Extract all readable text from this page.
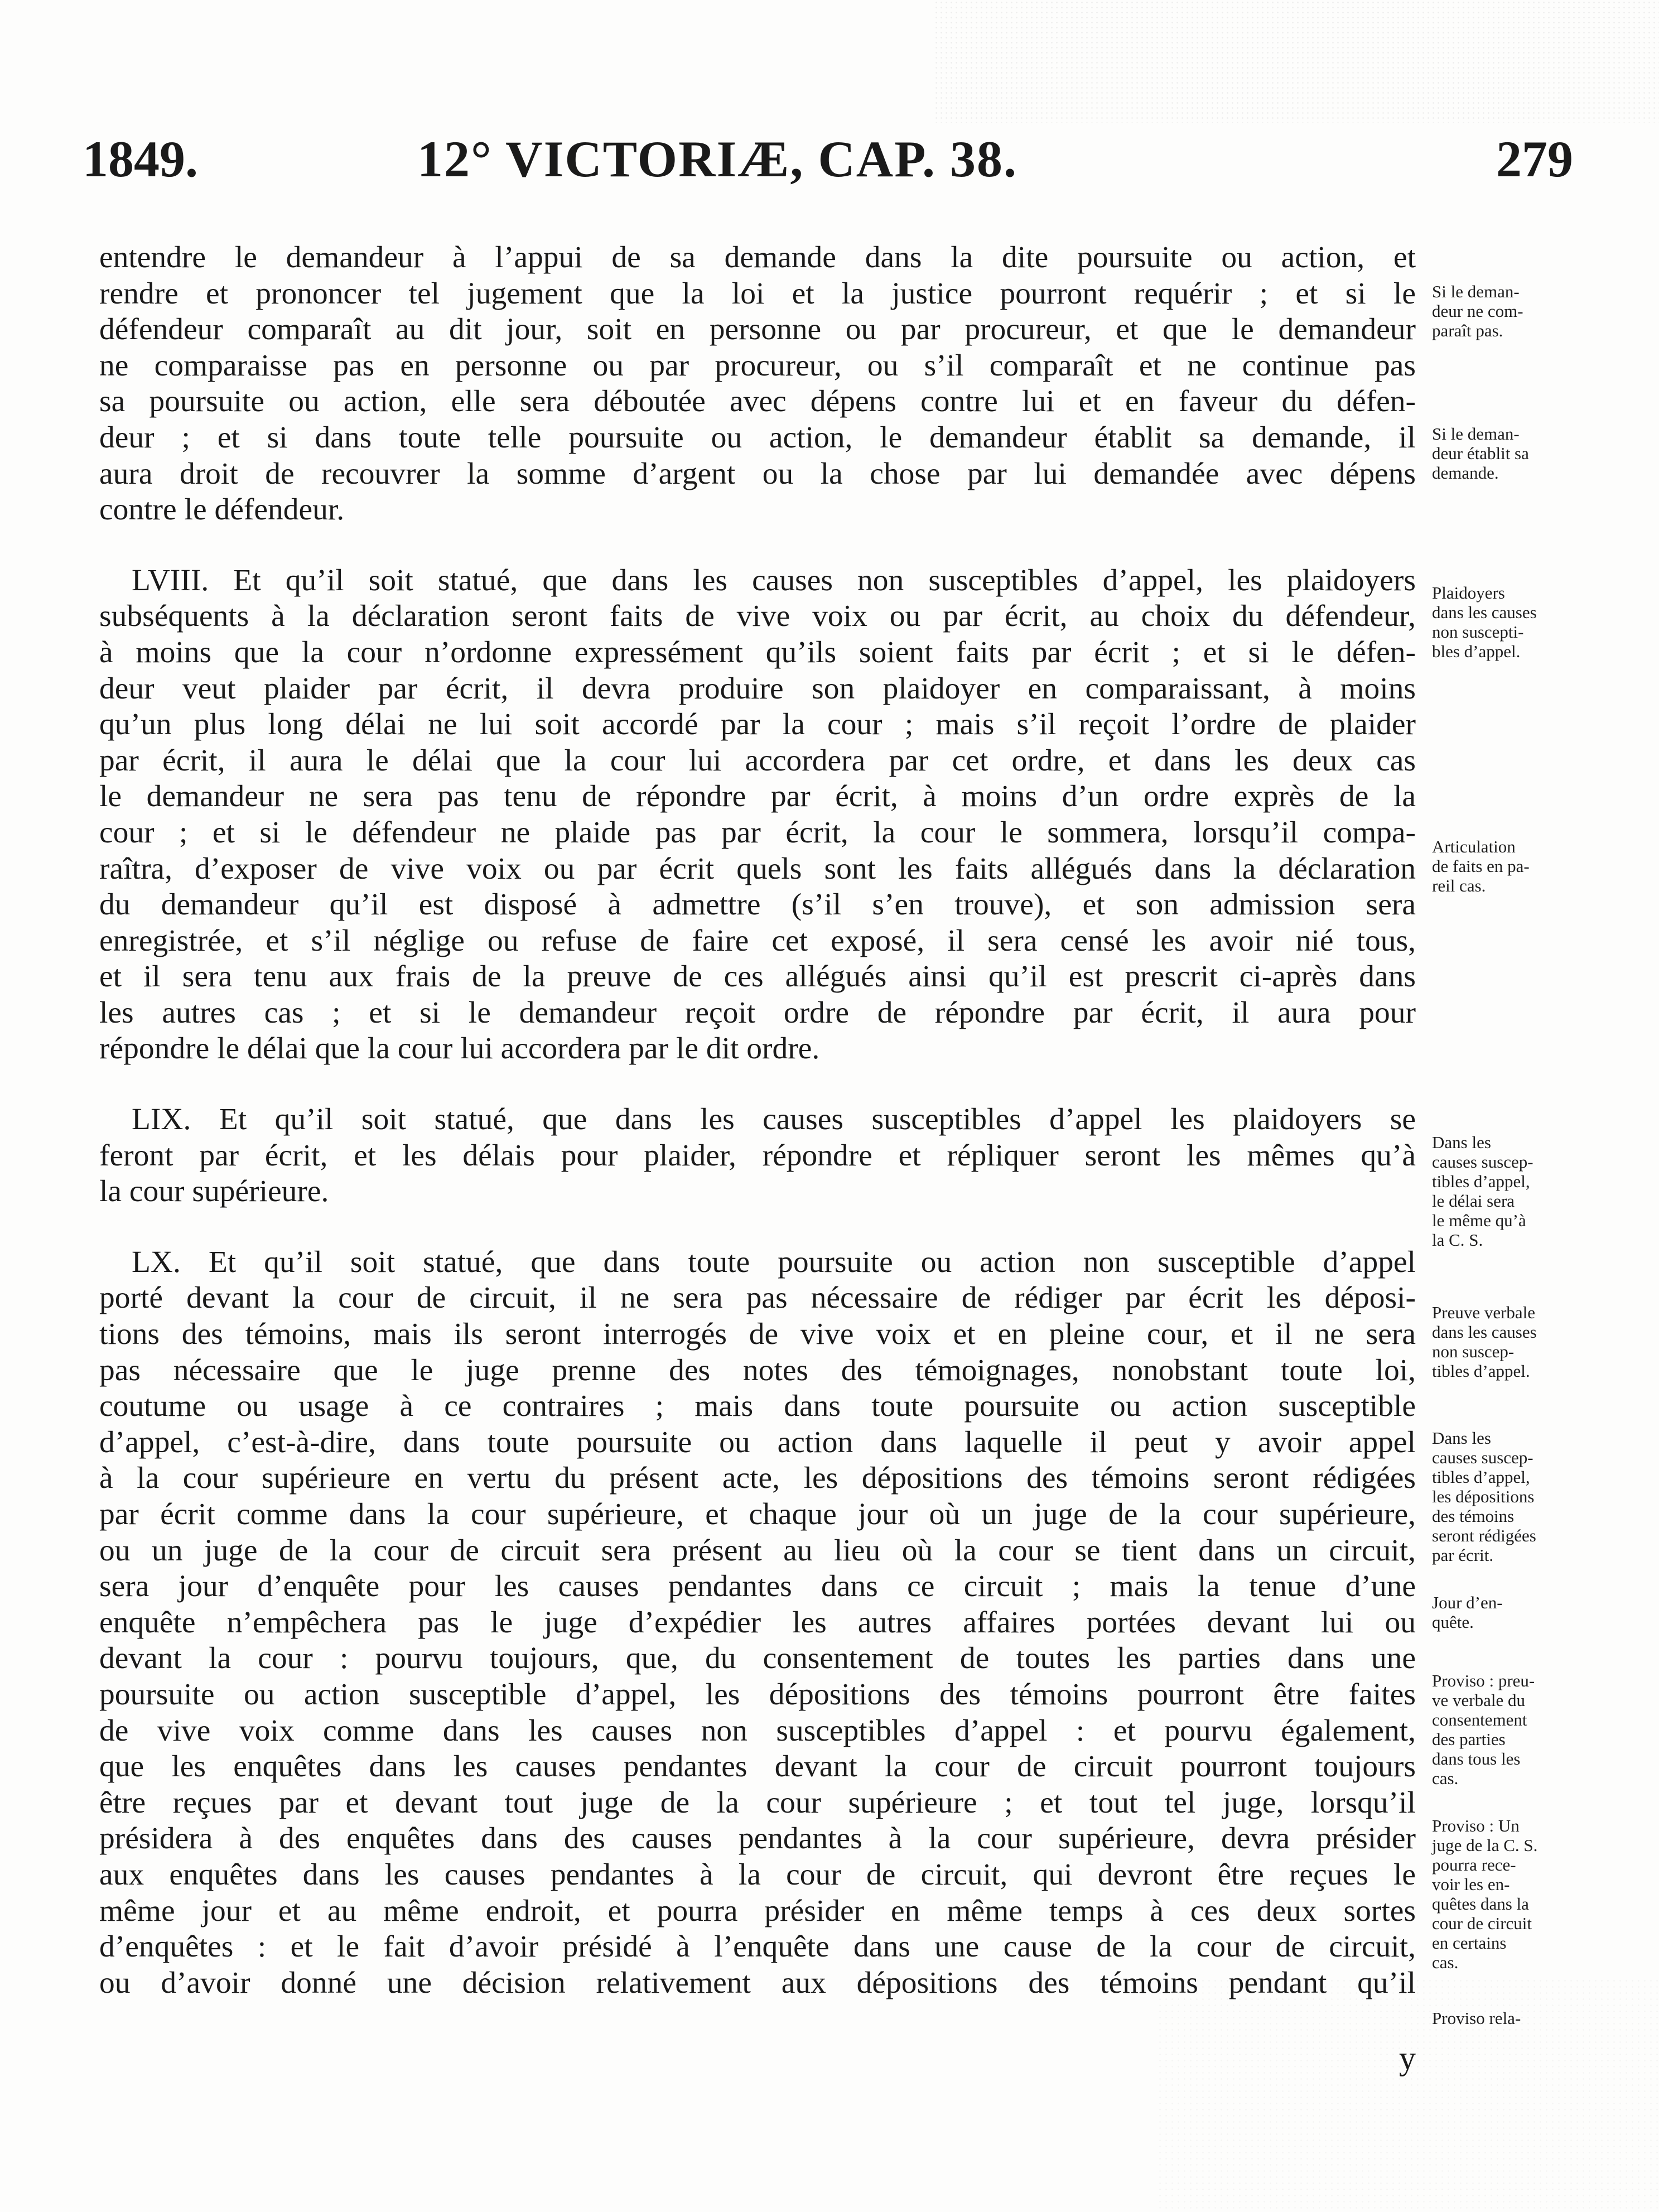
1849.	12° VICTORIÆ, CAP. 38.	279
entendre le demandeur à l’appui de sa demande dans la dite poursuite ou action, et
rendre et prononcer tel jugement que la loi et la justice pourront requérir ; et si le
défendeur comparaît au dit jour, soit en personne ou par procureur, et que le demandeur
ne comparaisse pas en personne ou par procureur, ou s’il comparaît et ne continue pas
sa poursuite ou action, elle sera déboutée avec dépens contre lui et en faveur du défen-
deur ; et si dans toute telle poursuite ou action, le demandeur établit sa demande, il
aura droit de recouvrer la somme d’argent ou la chose par lui demandée avec dépens
contre le défendeur.
LVIII. Et qu’il soit statué, que dans les causes non susceptibles d’appel, les plaidoyers
subséquents à la déclaration seront faits de vive voix ou par écrit, au choix du défendeur,
à moins que la cour n’ordonne expressément qu’ils soient faits par écrit ; et si le défen-
deur veut plaider par écrit, il devra produire son plaidoyer en comparaissant, à moins
qu’un plus long délai ne lui soit accordé par la cour ; mais s’il reçoit l’ordre de plaider
par écrit, il aura le délai que la cour lui accordera par cet ordre, et dans les deux cas
le demandeur ne sera pas tenu de répondre par écrit, à moins d’un ordre exprès de la
cour ; et si le défendeur ne plaide pas par écrit, la cour le sommera, lorsqu’il compa-
raîtra, d’exposer de vive voix ou par écrit quels sont les faits allégués dans la déclaration
du demandeur qu’il est disposé à admettre (s’il s’en trouve), et son admission sera
enregistrée, et s’il néglige ou refuse de faire cet exposé, il sera censé les avoir nié tous,
et il sera tenu aux frais de la preuve de ces allégués ainsi qu’il est prescrit ci-après dans
les autres cas ; et si le demandeur reçoit ordre de répondre par écrit, il aura pour
répondre le délai que la cour lui accordera par le dit ordre.
LIX. Et qu’il soit statué, que dans les causes susceptibles d’appel les plaidoyers se
feront par écrit, et les délais pour plaider, répondre et répliquer seront les mêmes qu’à
la cour supérieure.
LX. Et qu’il soit statué, que dans toute poursuite ou action non susceptible d’appel
porté devant la cour de circuit, il ne sera pas nécessaire de rédiger par écrit les déposi-
tions des témoins, mais ils seront interrogés de vive voix et en pleine cour, et il ne sera
pas nécessaire que le juge prenne des notes des témoignages, nonobstant toute loi,
coutume ou usage à ce contraires ; mais dans toute poursuite ou action susceptible
d’appel, c’est-à-dire, dans toute poursuite ou action dans laquelle il peut y avoir appel
à la cour supérieure en vertu du présent acte, les dépositions des témoins seront rédigées
par écrit comme dans la cour supérieure, et chaque jour où un juge de la cour supérieure,
ou un juge de la cour de circuit sera présent au lieu où la cour se tient dans un circuit,
sera jour d’enquête pour les causes pendantes dans ce circuit ; mais la tenue d’une
enquête n’empêchera pas le juge d’expédier les autres affaires portées devant lui ou
devant la cour : pourvu toujours, que, du consentement de toutes les parties dans une
poursuite ou action susceptible d’appel, les dépositions des témoins pourront être faites
de vive voix comme dans les causes non susceptibles d’appel : et pourvu également,
que les enquêtes dans les causes pendantes devant la cour de circuit pourront toujours
être reçues par et devant tout juge de la cour supérieure ; et tout tel juge, lorsqu’il
présidera à des enquêtes dans des causes pendantes à la cour supérieure, devra présider
aux enquêtes dans les causes pendantes à la cour de circuit, qui devront être reçues le
même jour et au même endroit, et pourra présider en même temps à ces deux sortes
d’enquêtes : et le fait d’avoir présidé à l’enquête dans une cause de la cour de circuit,
ou d’avoir donné une décision relativement aux dépositions des témoins pendant qu’il
Si le deman-
deur ne com-
paraît pas.
Si le deman-
deur établit sa
demande.
Plaidoyers
dans les causes
non suscepti-
bles d’appel.
Articulation
de faits en pa-
reil cas.
Dans les
causes suscep-
tibles d’appel,
le délai sera
le même qu’à
la C. S.
Preuve verbale
dans les causes
non suscep-
tibles d’appel.
Dans les
causes suscep-
tibles d’appel,
les dépositions
des témoins
seront rédigées
par écrit.
Jour d’en-
quête.
Proviso : preu-
ve verbale du
consentement
des parties
dans tous les
cas.
Proviso : Un
juge de la C. S.
pourra rece-
voir les en-
quêtes dans la
cour de circuit
en certains
cas.
Proviso rela-
y
